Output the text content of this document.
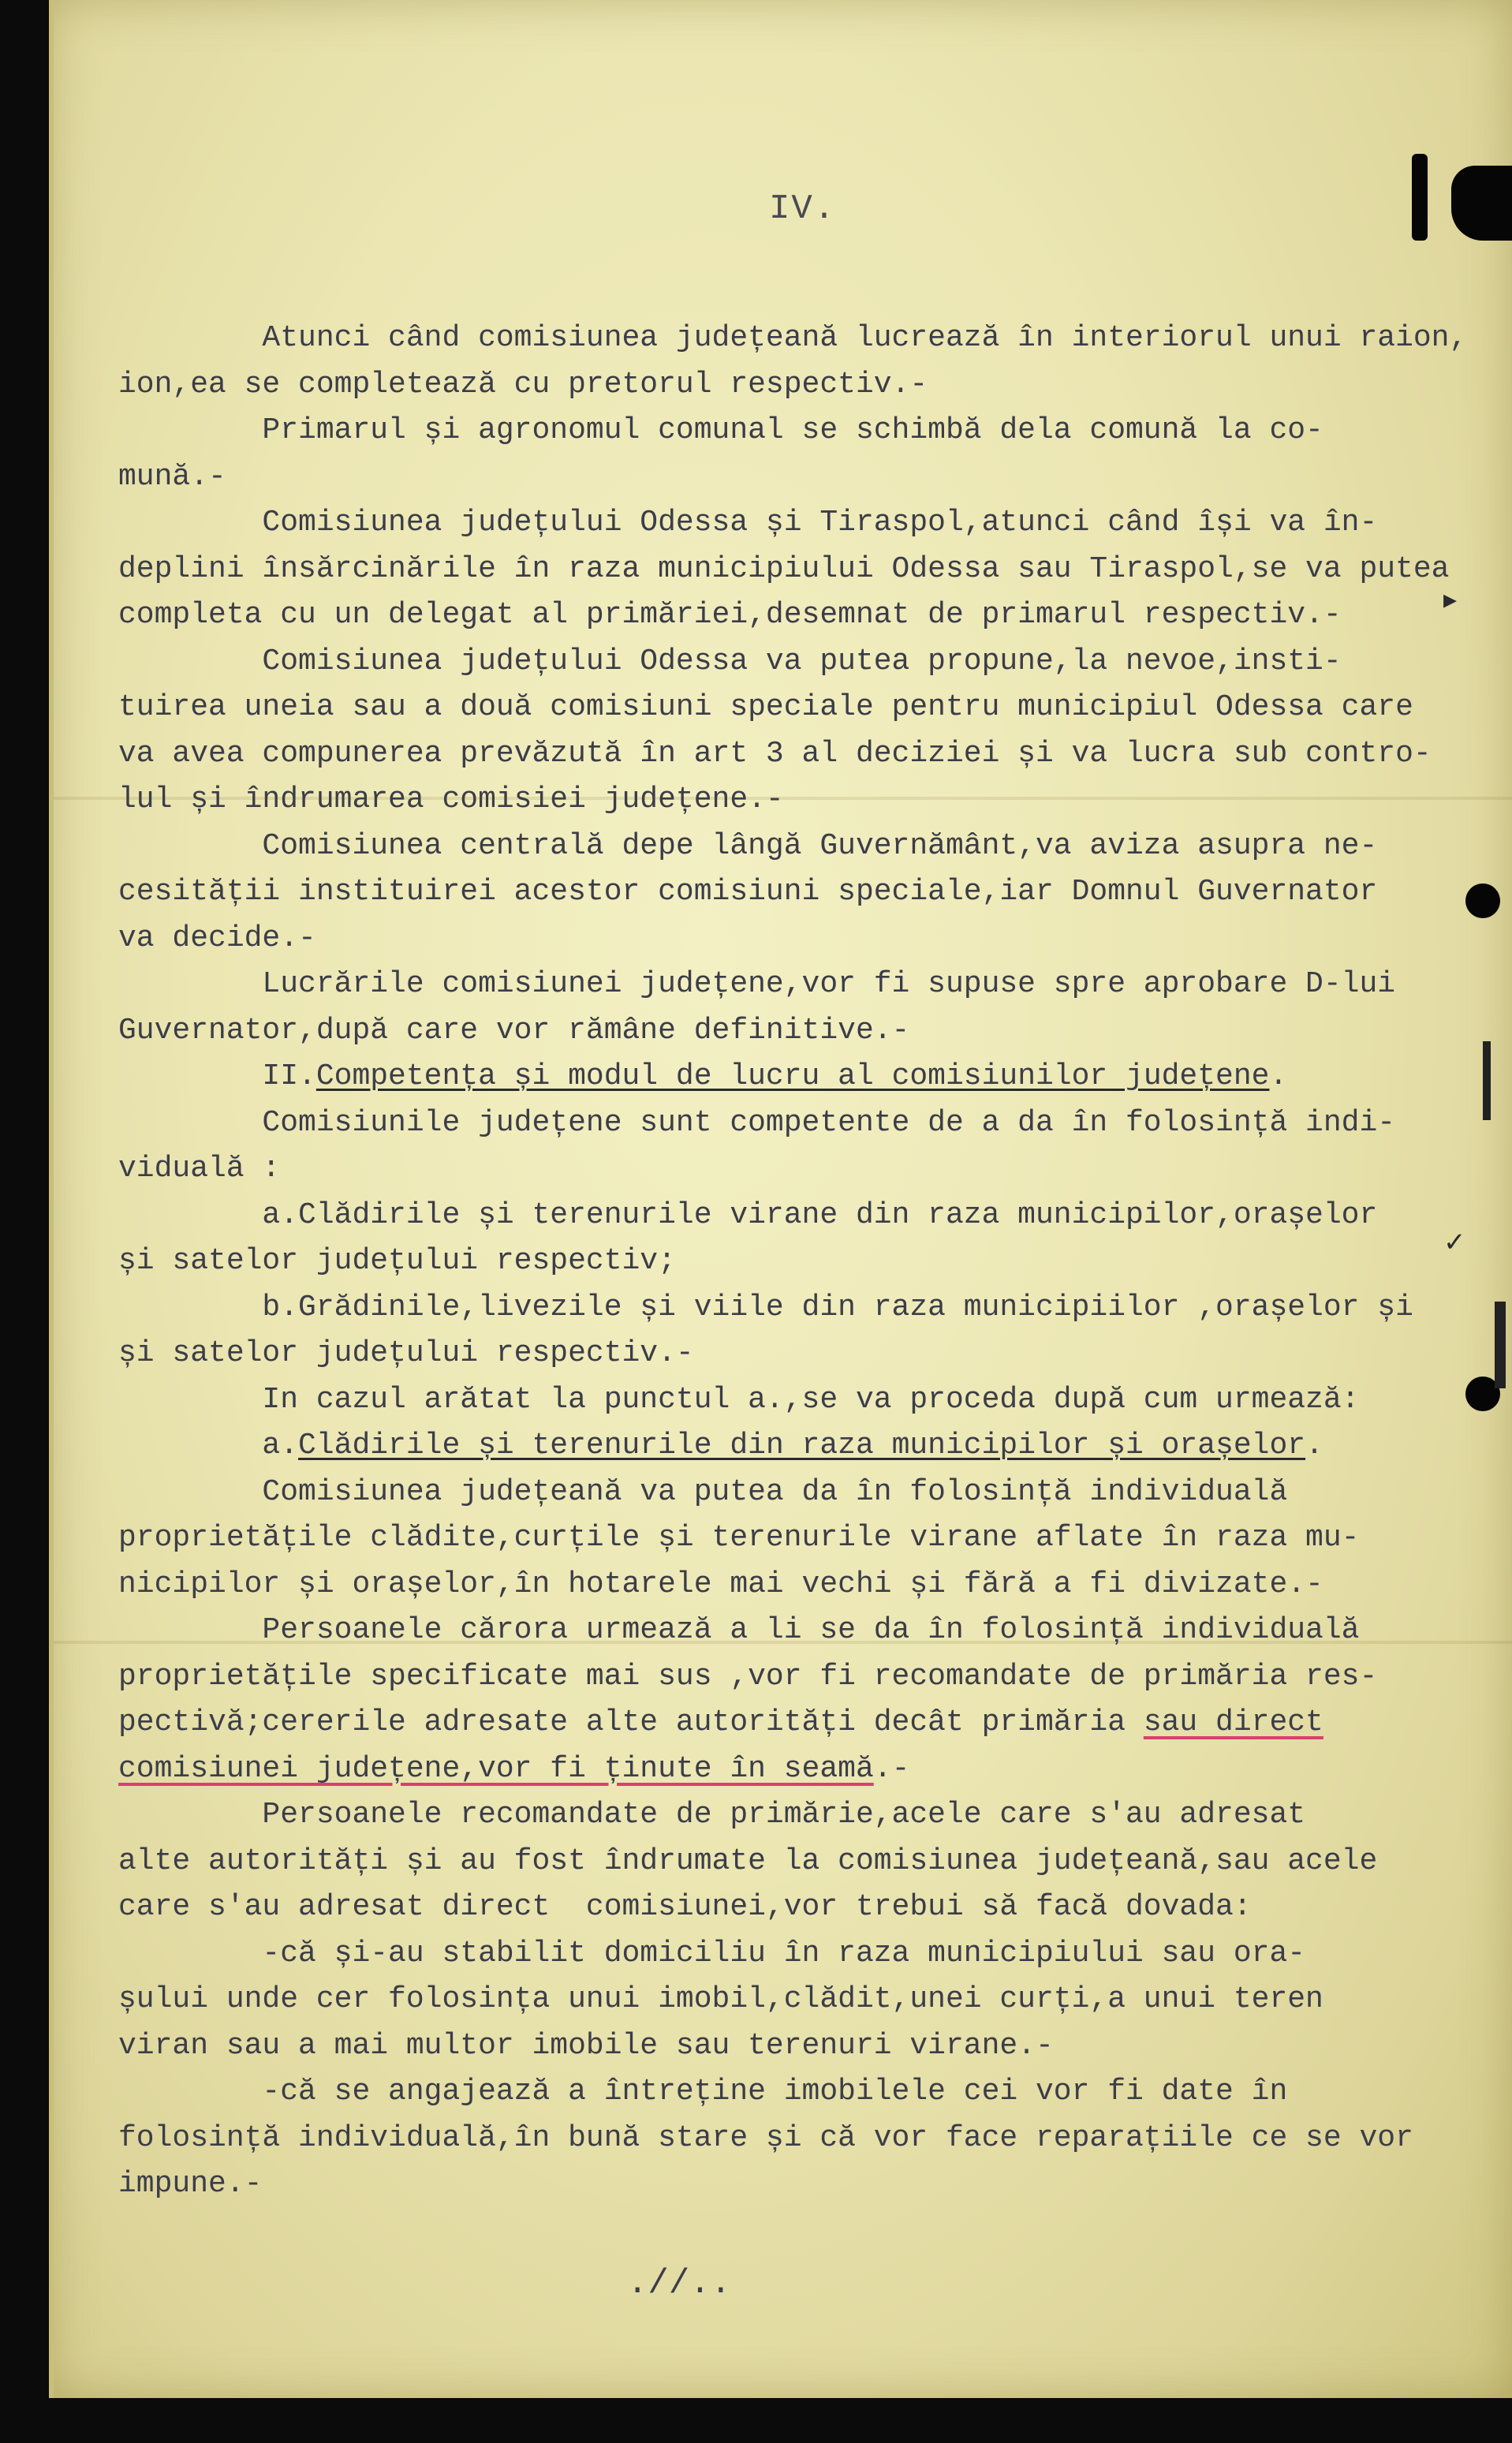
IV.
Atunci când comisiunea județeană lucrează în interiorul unui raion,
ion,ea se completează cu pretorul respectiv.-
Primarul și agronomul comunal se schimbă dela comună la co-
mună.-
Comisiunea județului Odessa și Tiraspol,atunci când își va în-
deplini însărcinările în raza municipiului Odessa sau Tiraspol,se va putea
completa cu un delegat al primăriei,desemnat de primarul respectiv.-
Comisiunea județului Odessa va putea propune,la nevoe,insti-
tuirea uneia sau a două comisiuni speciale pentru municipiul Odessa care
va avea compunerea prevăzută în art 3 al deciziei și va lucra sub contro-
lul și îndrumarea comisiei județene.-
Comisiunea centrală depe lângă Guvernământ,va aviza asupra ne-
cesității instituirei acestor comisiuni speciale,iar Domnul Guvernator
va decide.-
Lucrările comisiunei județene,vor fi supuse spre aprobare D-lui
Guvernator,după care vor rămâne definitive.-
II.Competența și modul de lucru al comisiunilor județene.
Comisiunile județene sunt competente de a da în folosință indi-
viduală :
a.Clădirile și terenurile virane din raza municipilor,orașelor
și satelor județului respectiv;
b.Grădinile,livezile și viile din raza municipiilor ,orașelor și
și satelor județului respectiv.-
In cazul arătat la punctul a.,se va proceda după cum urmează:
a.Clădirile și terenurile din raza municipilor și orașelor.
Comisiunea județeană va putea da în folosință individuală
proprietățile clădite,curțile și terenurile virane aflate în raza mu-
nicipilor și orașelor,în hotarele mai vechi și fără a fi divizate.-
Persoanele cărora urmează a li se da în folosință individuală
proprietățile specificate mai sus ,vor fi recomandate de primăria res-
pectivă;cererile adresate alte autorități decât primăria sau direct
comisiunei județene,vor fi ținute în seamă.-
Persoanele recomandate de primărie,acele care s'au adresat
alte autorități și au fost îndrumate la comisiunea județeană,sau acele
care s'au adresat direct  comisiunei,vor trebui să facă dovada:
-că și-au stabilit domiciliu în raza municipiului sau ora-
șului unde cer folosința unui imobil,clădit,unei curți,a unui teren
viran sau a mai multor imobile sau terenuri virane.-
-că se angajează a întreține imobilele cei vor fi date în
folosință individuală,în bună stare și că vor face reparațiile ce se vor
impune.-
▸
✓
.//..
